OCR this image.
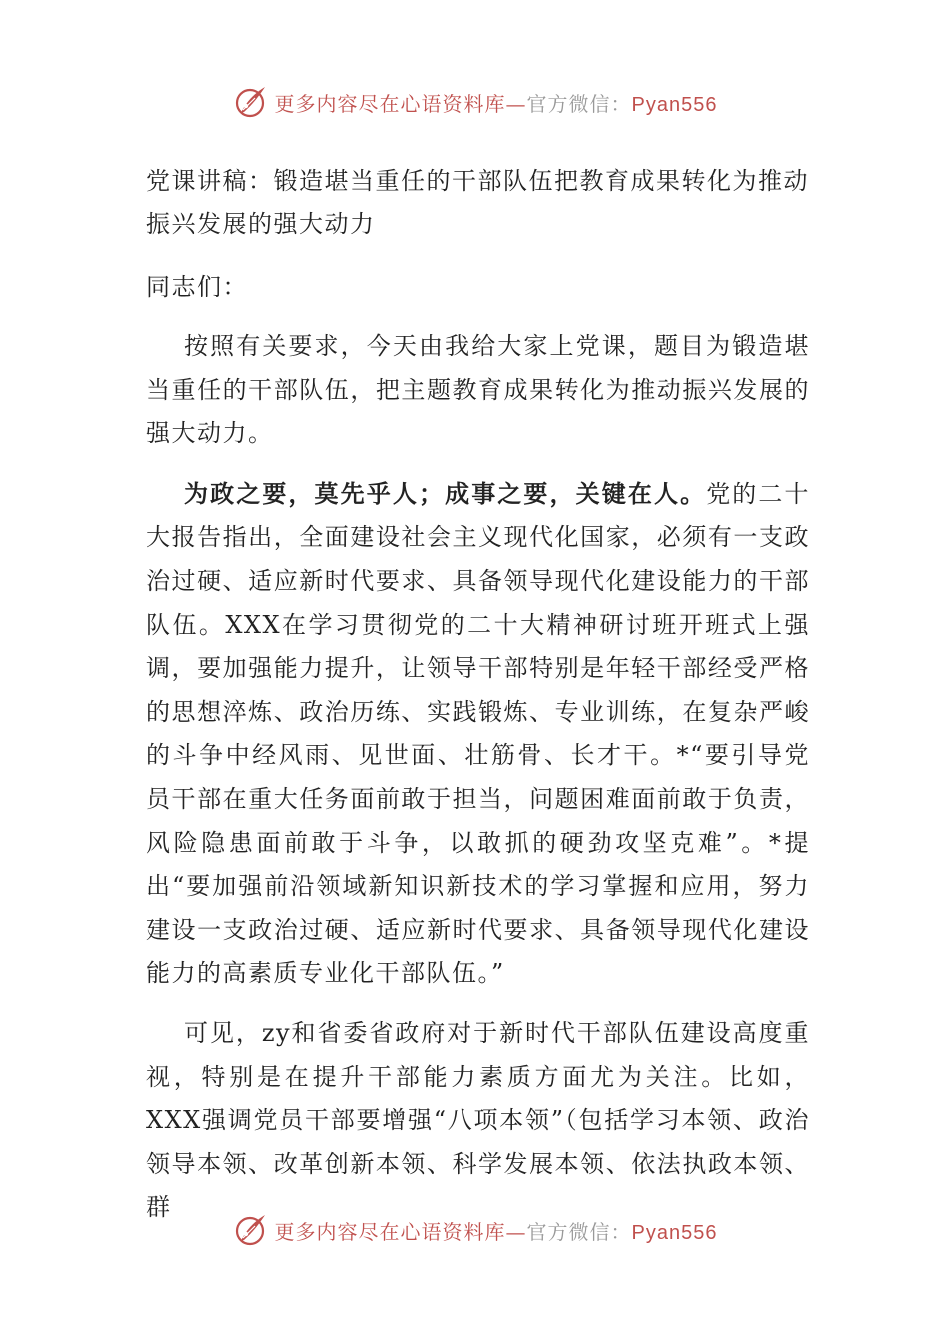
更多内容尽在心语资料库—官方微信：Pyan556
党课讲稿：锻造堪当重任的干部队伍把教育成果转化为推动振兴发展的强大动力

同志们：

按照有关要求，今天由我给大家上党课，题目为锻造堪当重任的干部队伍，把主题教育成果转化为推动振兴发展的强大动力。

为政之要，莫先乎人；成事之要，关键在人。党的二十大报告指出，全面建设社会主义现代化国家，必须有一支政治过硬、适应新时代要求、具备领导现代化建设能力的干部队伍。XXX在学习贯彻党的二十大精神研讨班开班式上强调，要加强能力提升，让领导干部特别是年轻干部经受严格的思想淬炼、政治历练、实践锻炼、专业训练，在复杂严峻的斗争中经风雨、见世面、壮筋骨、长才干。*“要引导党员干部在重大任务面前敢于担当，问题困难面前敢于负责，风险隐患面前敢于斗争，以敢抓的硬劲攻坚克难”。*提出“要加强前沿领域新知识新技术的学习掌握和应用，努力建设一支政治过硬、适应新时代要求、具备领导现代化建设能力的高素质专业化干部队伍。”

可见，zy和省委省政府对于新时代干部队伍建设高度重视，特别是在提升干部能力素质方面尤为关注。比如，XXX强调党员干部要增强“八项本领”（包括学习本领、政治领导本领、改革创新本领、科学发展本领、依法执政本领、群

更多内容尽在心语资料库—官方微信：Pyan556
